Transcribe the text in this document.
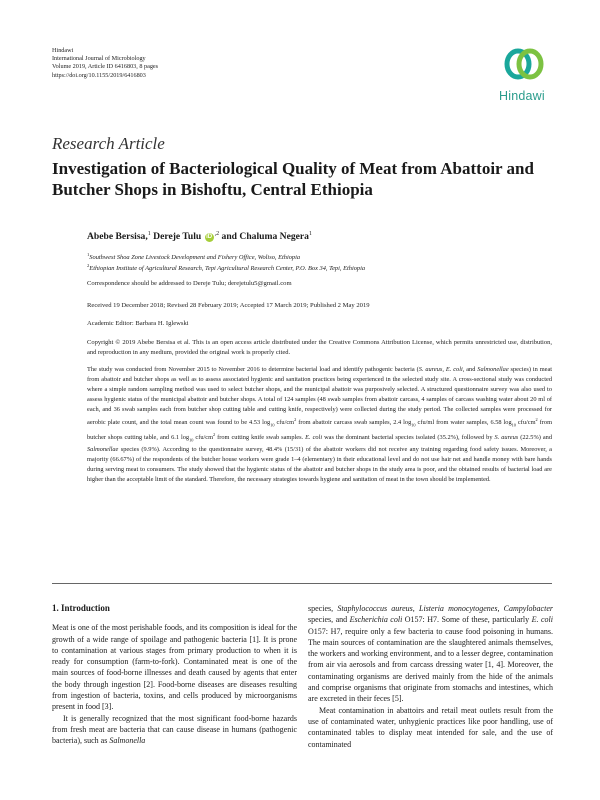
Hindawi
International Journal of Microbiology
Volume 2019, Article ID 6416803, 8 pages
https://doi.org/10.1155/2019/6416803
Hindawi
Research Article
Investigation of Bacteriological Quality of Meat from Abattoir and Butcher Shops in Bishoftu, Central Ethiopia
Abebe Bersisa,$^1$ Dereje Tulu $iD^{,2}$ and Chaluma Negera$^1$
$^1$Southwest Shoa Zone Livestock Development and Fishery Office, Woliso, Ethiopia
$^2$Ethiopian Institute of Agricultural Research, Tepi Agricultural Research Center, P.O. Box 34, Tepi, Ethiopia
Correspondence should be addressed to Dereje Tulu; derejetulu5@gmail.com
Received 19 December 2018; Revised 28 February 2019; Accepted 17 March 2019; Published 2 May 2019
Academic Editor: Barbara H. Iglewski
Copyright © 2019 Abebe Bersisa et al. This is an open access article distributed under the Creative Commons Attribution License, which permits unrestricted use, distribution, and reproduction in any medium, provided the original work is properly cited.
The study was conducted from November 2015 to November 2016 to determine bacterial load and identify pathogenic bacteria (S. aureus, E. coli, and Salmonellae species) in meat from abattoir and butcher shops as well as to assess associated hygienic and sanitation practices being experienced in the selected study site. A cross-sectional study was conducted where a simple random sampling method was used to select butcher shops, and the municipal abattoir was purposively selected. A structured questionnaire survey was also used to assess hygienic status of the municipal abattoir and butcher shops. A total of 124 samples (48 swab samples from abattoir carcass, 4 samples of carcass washing water about 20 ml of each, and 36 swab samples each from butcher shop cutting table and cutting knife, respectively) were collected during the study period. The collected samples were processed for aerobic plate count, and the total mean count was found to be 4.53 $\log_{10} cfu/cm^2$ from abattoir carcass swab samples, 2.4 $\log_{10} cfu/ml$ from water samples, 6.58 $\log_{10} cfu/cm^2$ from butcher shops cutting table, and 6.1 $\log_{10} cfu/cm^2$ from cutting knife swab samples. E. coli was the dominant bacterial species isolated (35.2%), followed by S. aureus (22.5%) and Salmonellae species (9.9%). According to the questionnaire survey, 48.4% (15/31) of the abattoir workers did not receive any training regarding food safety issues. Moreover, a majority (66.67%) of the respondents of the butcher house workers were grade 1–4 (elementary) in their educational level and do not use hair net and handle money with bare hands during serving meat to consumers. The study showed that the hygienic status of the abattoir and butcher shops in the study area is poor, and the obtained results of bacterial load are higher than the acceptable limit of the standard. Therefore, the necessary strategies towards hygiene and sanitation of meat in the town should be implemented.
1. Introduction

Meat is one of the most perishable foods, and its composition is ideal for the growth of a wide range of spoilage and pathogenic bacteria [1]. It is prone to contamination at various stages from primary production to when it is ready for consumption (farm-to-fork). Contaminated meat is one of the main sources of food-borne illnesses and death caused by agents that enter the body through ingestion [2]. Food-borne diseases are diseases resulting from ingestion of bacteria, toxins, and cells produced by microorganisms present in food [3].

It is generally recognized that the most significant food-borne hazards from fresh meat are bacteria that can cause disease in humans (pathogenic bacteria), such as Salmonella

species, Staphylococcus aureus, Listeria monocytogenes, Campylobacter species, and Escherichia coli O157: H7. Some of these, particularly E. coli O157: H7, require only a few bacteria to cause food poisoning in humans. The main sources of contamination are the slaughtered animals themselves, the workers and working environment, and to a lesser degree, contamination from air via aerosols and from carcass dressing water [1, 4]. Moreover, the contaminating organisms are derived mainly from the hide of the animals and comprise organisms that originate from stomachs and intestines, which are excreted in their feces [5].

Meat contamination in abattoirs and retail meat outlets result from the use of contaminated water, unhygienic practices like poor handling, use of contaminated tables to display meat intended for sale, and the use of contaminated
